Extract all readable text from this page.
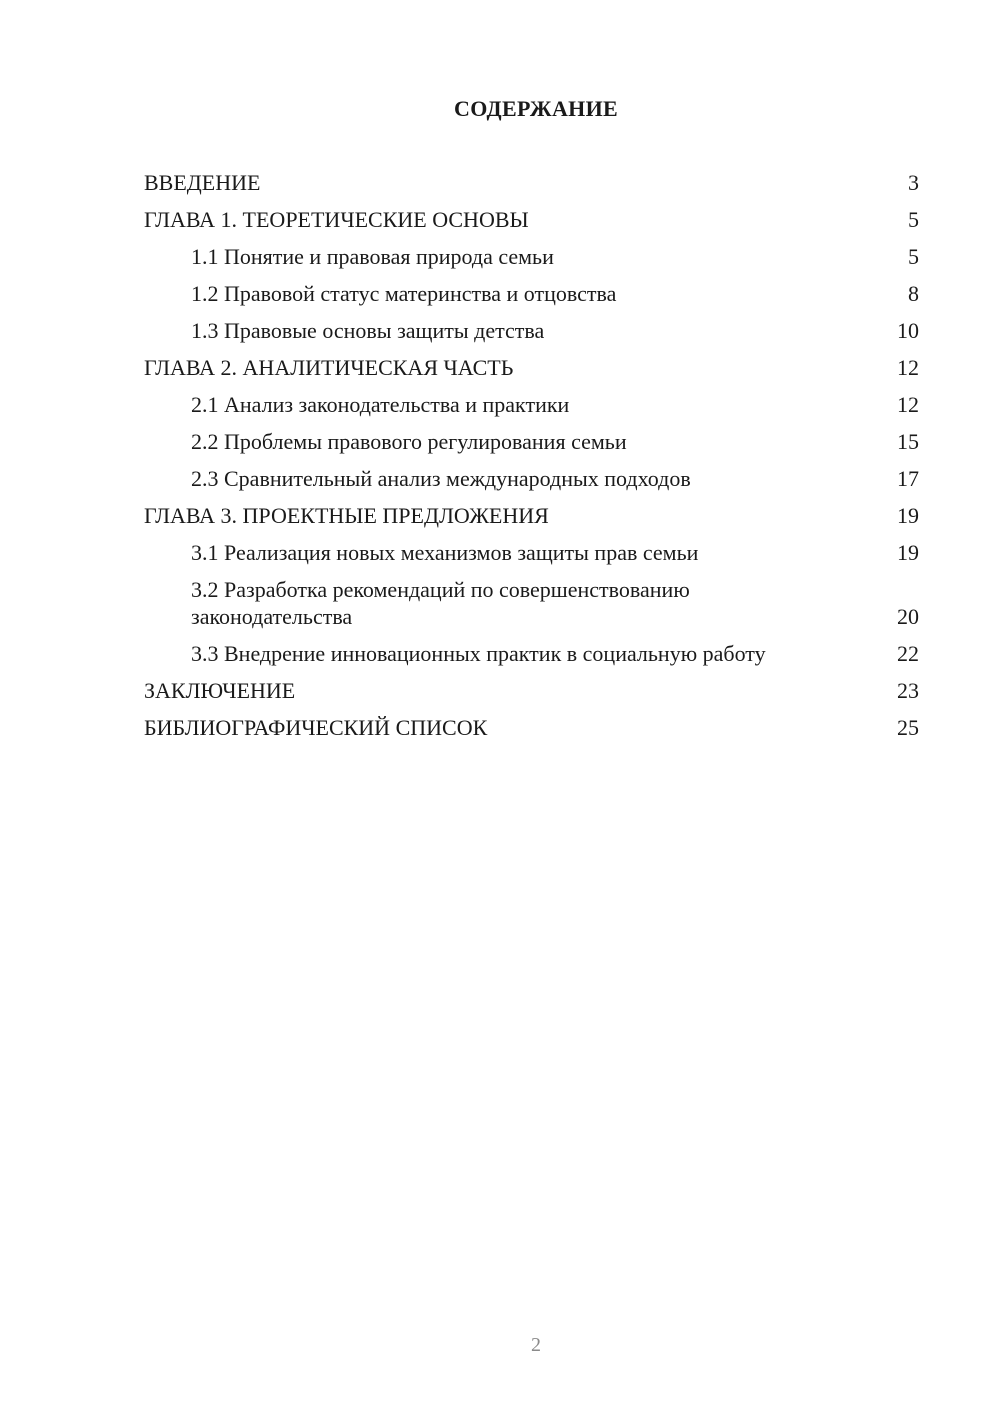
СОДЕРЖАНИЕ
ВВЕДЕНИЕ	3
ГЛАВА 1. ТЕОРЕТИЧЕСКИЕ ОСНОВЫ	5
1.1 Понятие и правовая природа семьи	5
1.2 Правовой статус материнства и отцовства	8
1.3 Правовые основы защиты детства	10
ГЛАВА 2. АНАЛИТИЧЕСКАЯ ЧАСТЬ	12
2.1 Анализ законодательства и практики	12
2.2 Проблемы правового регулирования семьи	15
2.3 Сравнительный анализ международных подходов	17
ГЛАВА 3. ПРОЕКТНЫЕ ПРЕДЛОЖЕНИЯ	19
3.1 Реализация новых механизмов защиты прав семьи	19
3.2 Разработка рекомендаций по совершенствованию законодательства	20
3.3 Внедрение инновационных практик в социальную работу	22
ЗАКЛЮЧЕНИЕ	23
БИБЛИОГРАФИЧЕСКИЙ СПИСОК	25
2
